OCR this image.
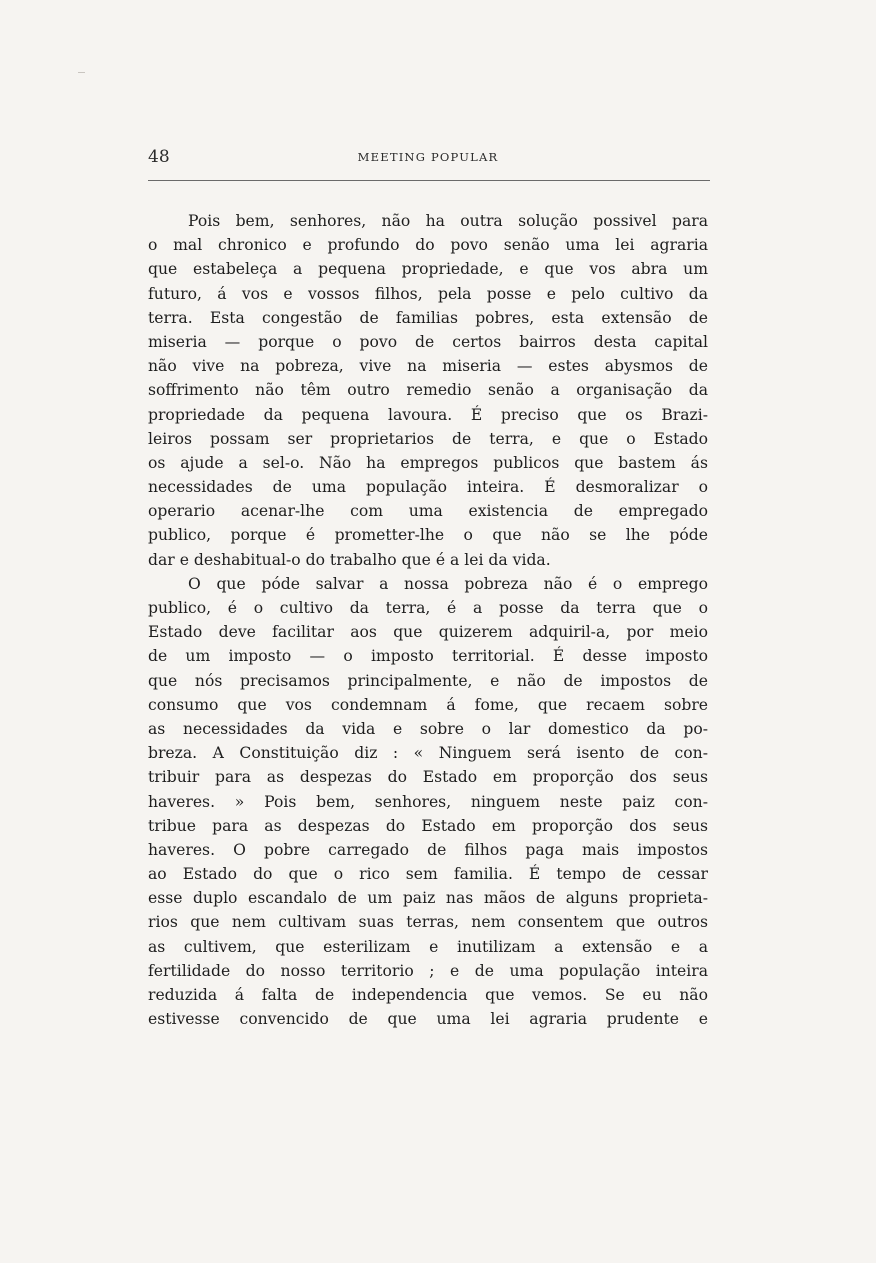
48	MEETING POPULAR
Pois bem, senhores, não ha outra solução possivel para
o mal chronico e profundo do povo senão uma lei agraria
que estabeleça a pequena propriedade, e que vos abra um
futuro, á vos e vossos filhos, pela posse e pelo cultivo da
terra. Esta congestão de familias pobres, esta extensão de
miseria — porque o povo de certos bairros desta capital
não vive na pobreza, vive na miseria — estes abysmos de
soffrimento não têm outro remedio senão a organisação da
propriedade da pequena lavoura. É preciso que os Brazi-
leiros possam ser proprietarios de terra, e que o Estado
os ajude a sel-o. Não ha empregos publicos que bastem ás
necessidades de uma população inteira. É desmoralizar o
operario acenar-lhe com uma existencia de empregado
publico, porque é prometter-lhe o que não se lhe póde
dar e deshabitual-o do trabalho que é a lei da vida.
O que póde salvar a nossa pobreza não é o emprego
publico, é o cultivo da terra, é a posse da terra que o
Estado deve facilitar aos que quizerem adquiril-a, por meio
de um imposto — o imposto territorial. É desse imposto
que nós precisamos principalmente, e não de impostos de
consumo que vos condemnam á fome, que recaem sobre
as necessidades da vida e sobre o lar domestico da po-
breza. A Constituição diz : « Ninguem será isento de con-
tribuir para as despezas do Estado em proporção dos seus
haveres. » Pois bem, senhores, ninguem neste paiz con-
tribue para as despezas do Estado em proporção dos seus
haveres. O pobre carregado de filhos paga mais impostos
ao Estado do que o rico sem familia. É tempo de cessar
esse duplo escandalo de um paiz nas mãos de alguns proprieta-
rios que nem cultivam suas terras, nem consentem que outros
as cultivem, que esterilizam e inutilizam a extensão e a
fertilidade do nosso territorio ; e de uma população inteira
reduzida á falta de independencia que vemos. Se eu não
estivesse convencido de que uma lei agraria prudente e
